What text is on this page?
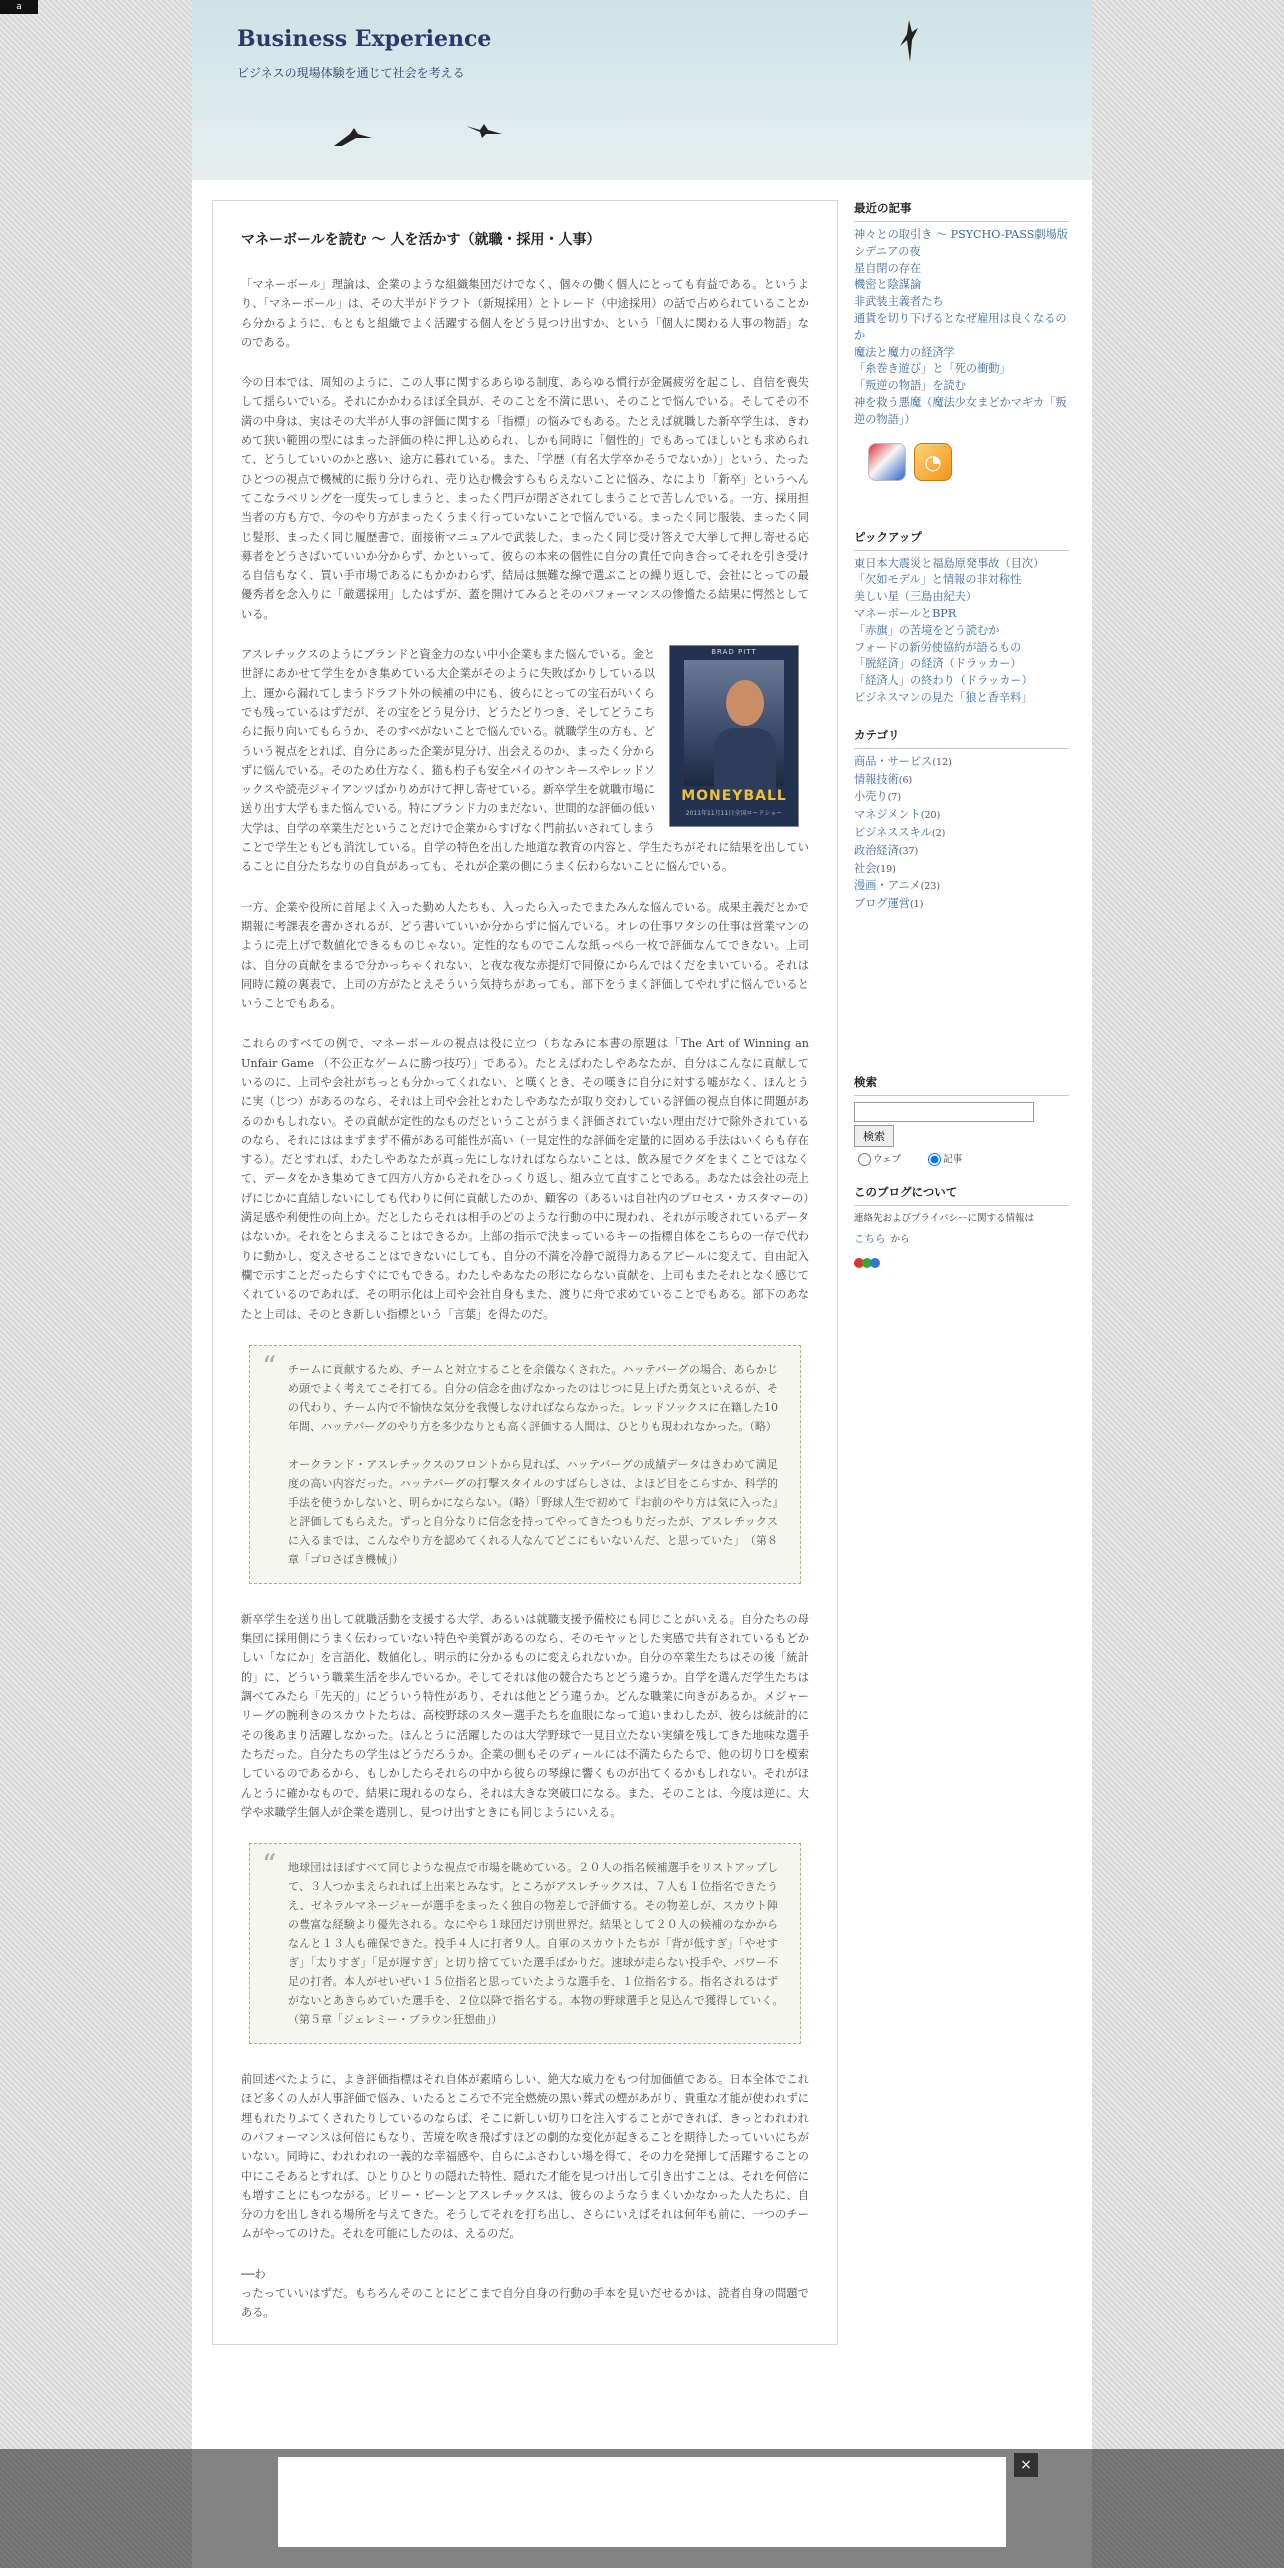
a
Business Experience
ビジネスの現場体験を通じて社会を考える
マネーボールを読む ～ 人を活かす（就職・採用・人事）

「マネーボール」理論は、企業のような組織集団だけでなく、個々の働く個人にとっても有益である。というより、「マネーボール」は、その大半がドラフト（新規採用）とトレード（中途採用）の話で占められていることから分かるように、もともと組織でよく活躍する個人をどう見つけ出すか、という「個人に関わる人事の物語」なのである。

今の日本では、周知のように、この人事に関するあらゆる制度、あらゆる慣行が金属疲労を起こし、自信を喪失して揺らいでいる。それにかかわるほぼ全員が、そのことを不満に思い、そのことで悩んでいる。そしてその不満の中身は、実はその大半が人事の評価に関する「指標」の悩みでもある。たとえば就職した新卒学生は、きわめて狭い範囲の型にはまった評価の枠に押し込められ、しかも同時に「個性的」でもあってほしいとも求められて、どうしていいのかと惑い、途方に暮れている。また、「学歴（有名大学卒かそうでないか）」という、たったひとつの視点で機械的に振り分けられ、売り込む機会すらもらえないことに悩み、なにより「新卒」というへんてこなラベリングを一度失ってしまうと、まったく門戸が閉ざされてしまうことで苦しんでいる。一方、採用担当者の方も方で、今のやり方がまったくうまく行っていないことで悩んでいる。まったく同じ服装、まったく同じ髪形、まったく同じ履歴書で、面接術マニュアルで武装した、まったく同じ受け答えで大挙して押し寄せる応募者をどうさばいていいか分からず、かといって、彼らの本来の個性に自分の責任で向き合ってそれを引き受ける自信もなく、買い手市場であるにもかかわらず、結局は無難な線で選ぶことの繰り返しで、会社にとっての最優秀者を念入りに「厳選採用」したはずが、蓋を開けてみるとそのパフォーマンスの惨憺たる結果に愕然としている。

BRAD PITT
MONEYBALL
2011年11月11日全国ロードショー

アスレチックスのようにブランドと資金力のない中小企業もまた悩んでいる。金と世評にあかせて学生をかき集めている大企業がそのように失敗ばかりしている以上、運から漏れてしまうドラフト外の候補の中にも、彼らにとっての宝石がいくらでも残っているはずだが、その宝をどう見分け、どうたどりつき、そしてどうこちらに振り向いてもらうか、そのすべがないことで悩んでいる。就職学生の方も、どういう視点をとれば、自分にあった企業が見分け、出会えるのか、まったく分からずに悩んでいる。そのため仕方なく、猫も杓子も安全パイのヤンキースやレッドソックスや読売ジャイアンツばかりめがけて押し寄せている。新卒学生を就職市場に送り出す大学もまた悩んでいる。特にブランド力のまだない、世間的な評価の低い大学は、自学の卒業生だということだけで企業からすげなく門前払いされてしまうことで学生ともども消沈している。自学の特色を出した地道な教育の内容と、学生たちがそれに結果を出していることに自分たちなりの自負があっても、それが企業の側にうまく伝わらないことに悩んでいる。

一方、企業や役所に首尾よく入った勤め人たちも、入ったら入ったでまたみんな悩んでいる。成果主義だとかで期報に考課表を書かされるが、どう書いていいか分からずに悩んでいる。オレの仕事ワタシの仕事は営業マンのように売上げで数値化できるものじゃない。定性的なものでこんな紙っぺら一枚で評価なんてできない。上司は、自分の貢献をまるで分かっちゃくれない、と夜な夜な赤提灯で同僚にからんではくだをまいている。それは同時に鏡の裏表で、上司の方がたとえそういう気持ちがあっても、部下をうまく評価してやれずに悩んでいるということでもある。

これらのすべての例で、マネーボールの視点は役に立つ（ちなみに本書の原題は「The Art of Winning an Unfair Game （不公正なゲームに勝つ技巧）」である）。たとえばわたしやあなたが、自分はこんなに貢献しているのに、上司や会社がちっとも分かってくれない、と嘆くとき、その嘆きに自分に対する嘘がなく、ほんとうに実（じつ）があるのなら、それは上司や会社とわたしやあなたが取り交わしている評価の視点自体に問題があるのかもしれない。その貢献が定性的なものだということがうまく評価されていない理由だけで除外されているのなら、それにははまずまず不備がある可能性が高い（一見定性的な評価を定量的に固める手法はいくらも存在する）。だとすれば、わたしやあなたが真っ先にしなければならないことは、飲み屋でクダをまくことではなくて、データをかき集めてきて四方八方からそれをひっくり返し、組み立て直すことである。あなたは会社の売上げにじかに直結しないにしても代わりに何に貢献したのか、顧客の（あるいは自社内のプロセス・カスタマーの）満足感や利便性の向上か。だとしたらそれは相手のどのような行動の中に現われ、それが示唆されているデータはないか。それをとらまえることはできるか。上部の指示で決まっているキーの指標自体をこちらの一存で代わりに動かし、変えさせることはできないにしても、自分の不満を冷静で説得力あるアピールに変えて、自由記入欄で示すことだったらすぐにでもできる。わたしやあなたの形にならない貢献を、上司もまたそれとなく感じてくれているのであれば、その明示化は上司や会社自身もまた、渡りに舟で求めていることでもある。部下のあなたと上司は、そのとき新しい指標という「言葉」を得たのだ。

“ チームに貢献するため、チームと対立することを余儀なくされた。ハッテバーグの場合、あらかじめ頭でよく考えてこそ打てる。自分の信念を曲げなかったのはじつに見上げた勇気といえるが、その代わり、チーム内で不愉快な気分を我慢しなければならなかった。レッドソックスに在籍した10年間、ハッテバーグのやり方を多少なりとも高く評価する人間は、ひとりも現われなかった。（略）

オークランド・アスレチックスのフロントから見れば、ハッテバーグの成績データはきわめて満足度の高い内容だった。ハッテバーグの打撃スタイルのすばらしさは、よほど目をこらすか、科学的手法を使うかしないと、明らかにならない。（略）「野球人生で初めて『お前のやり方は気に入った』と評価してもらえた。ずっと自分なりに信念を持ってやってきたつもりだったが、アスレチックスに入るまでは、こんなやり方を認めてくれる人なんてどこにもいないんだ、と思っていた」　（第８章「ゴロさばき機械」）

新卒学生を送り出して就職活動を支援する大学、あるいは就職支援予備校にも同じことがいえる。自分たちの母集団に採用側にうまく伝わっていない特色や美質があるのなら、そのモヤッとした実感で共有されているもどかしい「なにか」を言語化、数値化し、明示的に分かるものに変えられないか。自分の卒業生たちはその後「統計的」に、どういう職業生活を歩んでいるか。そしてそれは他の競合たちとどう違うか。自学を選んだ学生たちは調べてみたら「先天的」にどういう特性があり、それは他とどう違うか。どんな職業に向きがあるか。メジャーリーグの腕利きのスカウトたちは、高校野球のスター選手たちを血眼になって追いまわしたが、彼らは統計的にその後あまり活躍しなかった。ほんとうに活躍したのは大学野球で一見目立たない実績を残してきた地味な選手たちだった。自分たちの学生はどうだろうか。企業の側もそのディールには不満たらたらで、他の切り口を模索しているのであるから、もしかしたらそれらの中から彼らの琴線に響くものが出てくるかもしれない。それがほんとうに確かなもので、結果に現れるのなら、それは大きな突破口になる。また、そのことは、今度は逆に、大学や求職学生個人が企業を選別し、見つけ出すときにも同じようにいえる。

“ 地球団はほぼすべて同じような視点で市場を眺めている。２０人の指名候補選手をリストアップして、３人つかまえられれば上出来とみなす。ところがアスレチックスは、７人も１位指名できたうえ、ゼネラルマネージャーが選手をまったく独自の物差しで評価する。その物差しが、スカウト陣の豊富な経験より優先される。なにやら１球団だけ別世界だ。結果として２０人の候補のなかからなんと１３人も確保できた。投手４人に打者９人。自軍のスカウトたちが「背が低すぎ」「やせすぎ」「太りすぎ」「足が遅すぎ」と切り捨てていた選手ばかりだ。速球が走らない投手や、パワー不足の打者。本人がせいぜい１５位指名と思っていたような選手を、１位指名する。指名されるはずがないとあきらめていた選手を、２位以降で指名する。本物の野球選手と見込んで獲得していく。　（第５章「ジェレミー・ブラウン狂想曲」）

前回述べたように、よき評価指標はそれ自体が素晴らしい、絶大な威力をもつ付加価値である。日本全体でこれほど多くの人が人事評価で悩み、いたるところで不完全燃焼の黒い葬式の煙があがり、貴重な才能が使われずに埋もれたりふてくされたりしているのならば、そこに新しい切り口を注入することができれば、きっとわれわれのパフォーマンスは何倍にもなり、苦境を吹き飛ばすほどの劇的な変化が起きることを期待したっていいにちがいない。同時に、われわれの一義的な幸福感や、自らにふさわしい場を得て、その力を発揮して活躍することの中にこそあるとすれば、ひとりひとりの隠れた特性、隠れた才能を見つけ出して引き出すことは、それを何倍にも増すことにもつながる。ビリー・ビーンとアスレチックスは、彼らのようなうまくいかなかった人たちに、自分の力を出しきれる場所を与えてきた。そうしてそれを打ち出し、さらにいえばそれは何年も前に、一つのチームがやってのけた。それを可能にしたのは、えるのだ。

──わ

ったっていいはずだ。もちろんそのことにどこまで自分自身の行動の手本を見いだせるかは、読者自身の問題である。

最近の記事
神々との取引き ～ PSYCHO-PASS劇場版
シデニアの夜
星自閉の存在
機密と陰謀論
非武装主義者たち
通貨を切り下げるとなぜ雇用は良くなるのか
魔法と魔力の経済学
「糸巻き遊び」と「死の衝動」
「叛逆の物語」を読む
神を救う悪魔（魔法少女まどかマギカ「叛逆の物語」）
◔
ピックアップ
東日本大震災と福島原発事故（目次）
「欠如モデル」と情報の非対称性
美しい星（三島由紀夫）
マネーボールとBPR
「赤旗」の苦境をどう読むか
フォードの新労使協約が語るもの
「脱経済」の経済（ドラッカー）
「経済人」の終わり（ドラッカー）
ビジネスマンの見た「狼と香辛料」
カテゴリ
商品・サービス(12)
情報技術(6)
小売り(7)
マネジメント(20)
ビジネススキル(2)
政治経済(37)
社会(19)
漫画・アニメ(23)
ブログ運営(1)
検索

検索
ウェブ	記事
このブログについて
連絡先およびプライバシーに関する情報は
こちら から
×
